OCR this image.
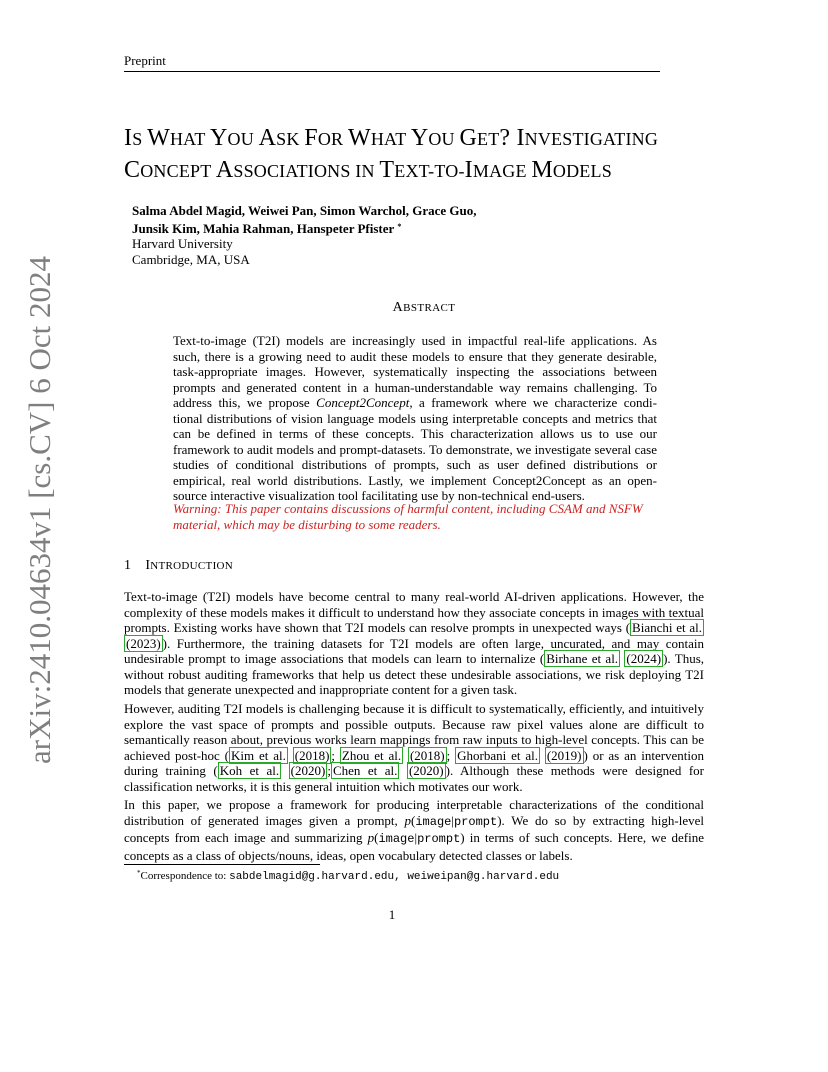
Preprint
IS WHAT YOU ASK FOR WHAT YOU GET? INVESTIGATING
CONCEPT ASSOCIATIONS IN TEXT-TO-IMAGE MODELS
Salma Abdel Magid, Weiwei Pan, Simon Warchol, Grace Guo,
Junsik Kim, Mahia Rahman, Hanspeter Pfister *
Harvard University
Cambridge, MA, USA
ABSTRACT
Text-to-image (T2I) models are increasingly used in impactful real-life applications. As such, there is a growing need to audit these models to ensure that they generate desirable, task-appropriate images. However, systematically inspecting the associations between prompts and generated content in a human-understandable way remains challenging. To address this, we propose Concept2Concept, a framework where we characterize condi- tional distributions of vision language models using interpretable concepts and metrics that can be defined in terms of these concepts. This characterization allows us to use our framework to audit models and prompt-datasets. To demonstrate, we investigate several case studies of conditional distributions of prompts, such as user defined distributions or empirical, real world distributions. Lastly, we implement Concept2Concept as an open- source interactive visualization tool facilitating use by non-technical end-users.
Warning: This paper contains discussions of harmful content, including CSAM and NSFW material, which may be disturbing to some readers.
1 INTRODUCTION
Text-to-image (T2I) models have become central to many real-world AI-driven applications. However, the complexity of these models makes it difficult to understand how they associate concepts in images with textual prompts. Existing works have shown that T2I models can resolve prompts in unexpected ways ( Bianchi et al. (2023) ). Furthermore, the training datasets for T2I models are often large, uncurated, and may contain undesirable prompt to image associations that models can learn to internalize ( Birhane et al. (2024) ). Thus, without robust auditing frameworks that help us detect these undesirable associations, we risk deploying T2I models that generate unexpected and inappropriate content for a given task.
However, auditing T2I models is challenging because it is difficult to systematically, efficiently, and intuitively explore the vast space of prompts and possible outputs. Because raw pixel values alone are difficult to semantically reason about, previous works learn mappings from raw inputs to high-level concepts. This can be achieved post-hoc ( Kim et al. (2018) ; Zhou et al. (2018) ; Ghorbani et al. (2019) ) or as an intervention during training ( Koh et al. (2020) ; Chen et al. (2020) ). Although these methods were designed for classification networks, it is this general intuition which motivates our work.
In this paper, we propose a framework for producing interpretable characterizations of the conditional distribution of generated images given a prompt, p(image|prompt). We do so by extracting high-level concepts from each image and summarizing p(image|prompt) in terms of such concepts. Here, we define concepts as a class of objects/nouns, ideas, open vocabulary detected classes or labels.
*Correspondence to: sabdelmagid@g.harvard.edu, weiweipan@g.harvard.edu
1
arXiv:2410.04634v1 [cs.CV] 6 Oct 2024
